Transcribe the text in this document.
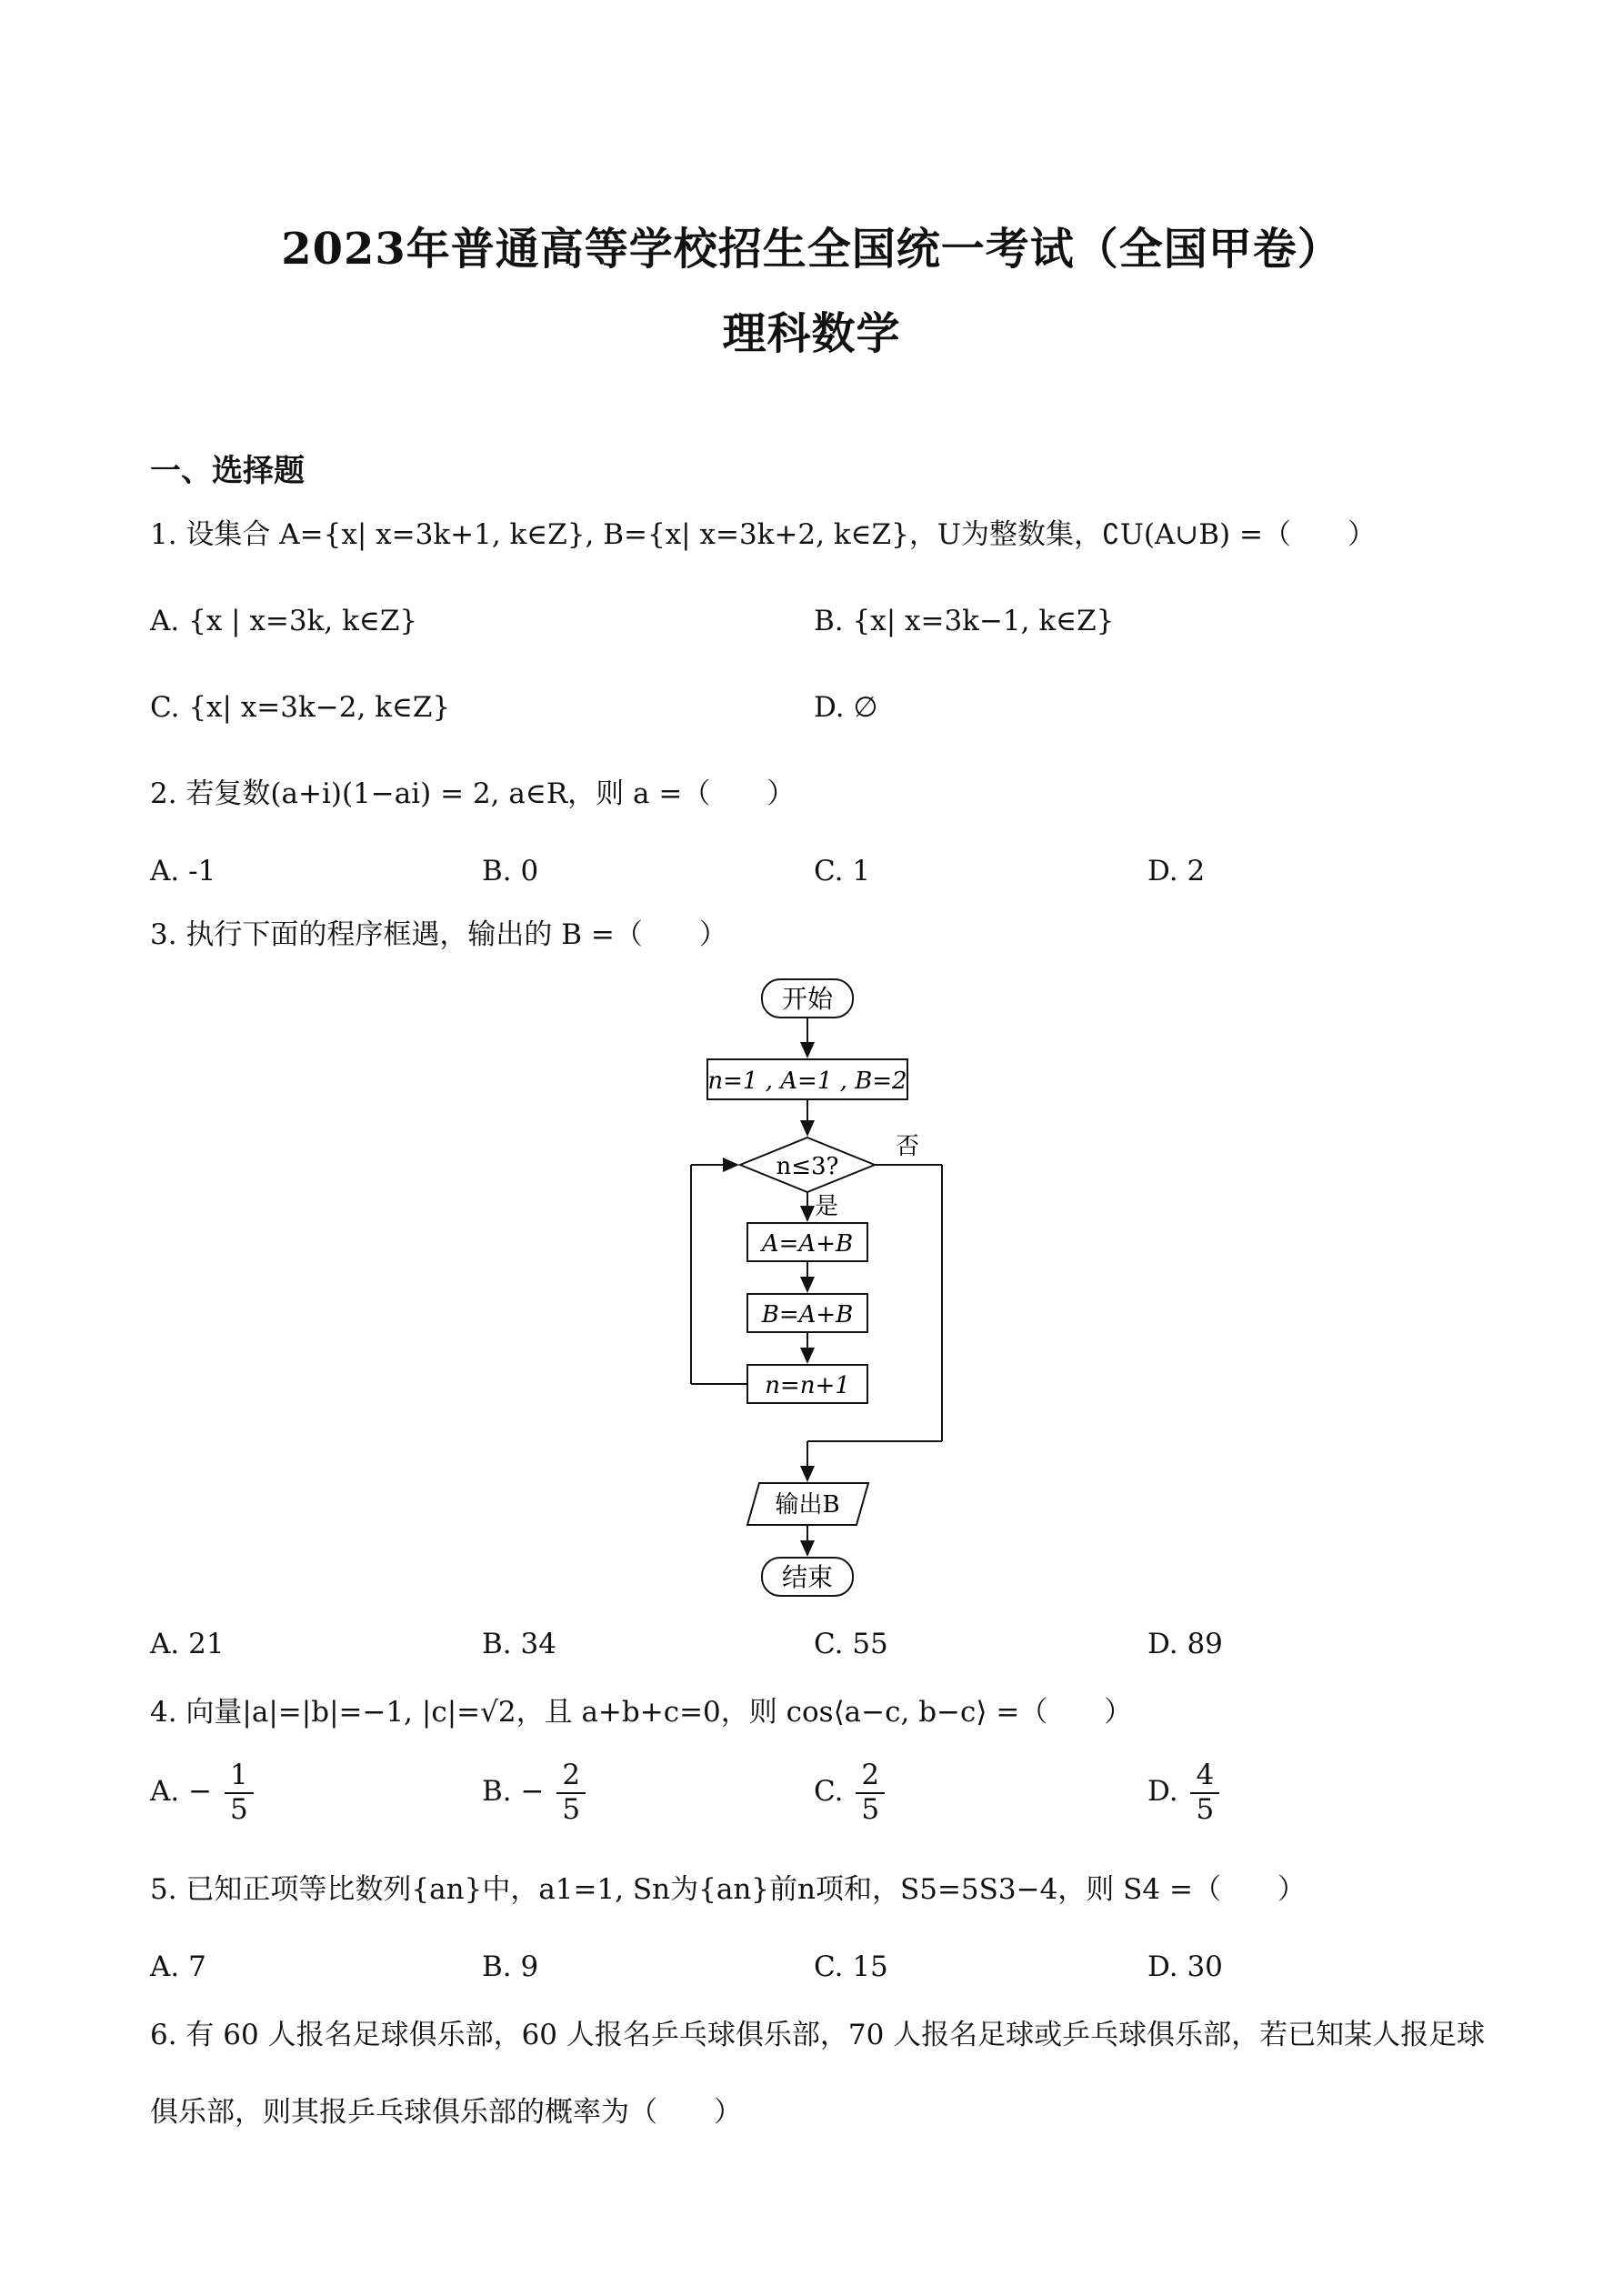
2023年普通高等学校招生全国统一考试（全国甲卷）
理科数学
一、选择题
1. 设集合 A={x| x=3k+1, k∈Z}, B={x| x=3k+2, k∈Z}，U为整数集，∁U(A∪B) =（　　）
A. {x | x=3k, k∈Z}	B. {x| x=3k−1, k∈Z}
C. {x| x=3k−2, k∈Z}	D. ∅
2. 若复数(a+i)(1−ai) = 2, a∈R，则 a =（　　）
A. -1	B. 0	C. 1	D. 2
3. 执行下面的程序框遇，输出的 B =（　　）
开始
n=1 , A=1 , B=2
n≤3?
否
是
A=A+B
B=A+B
n=n+1
输出B
结束
A. 21	B. 34	C. 55	D. 89
4. 向量|a|=|b|=−1, |c|=√2，且 a+b+c=0，则 cos⟨a−c, b−c⟩ =（　　）
A. − $\frac{1}{5}$	B. − $\frac{2}{5}$	C. $\frac{2}{5}$	D. $\frac{4}{5}$
5. 已知正项等比数列{an}中，a1=1, Sn为{an}前n项和，S5=5S3−4，则 S4 =（　　）
A. 7	B. 9	C. 15	D. 30
6. 有 60 人报名足球俱乐部，60 人报名乒乓球俱乐部，70 人报名足球或乒乓球俱乐部，若已知某人报足球
俱乐部，则其报乒乓球俱乐部的概率为（　　）
